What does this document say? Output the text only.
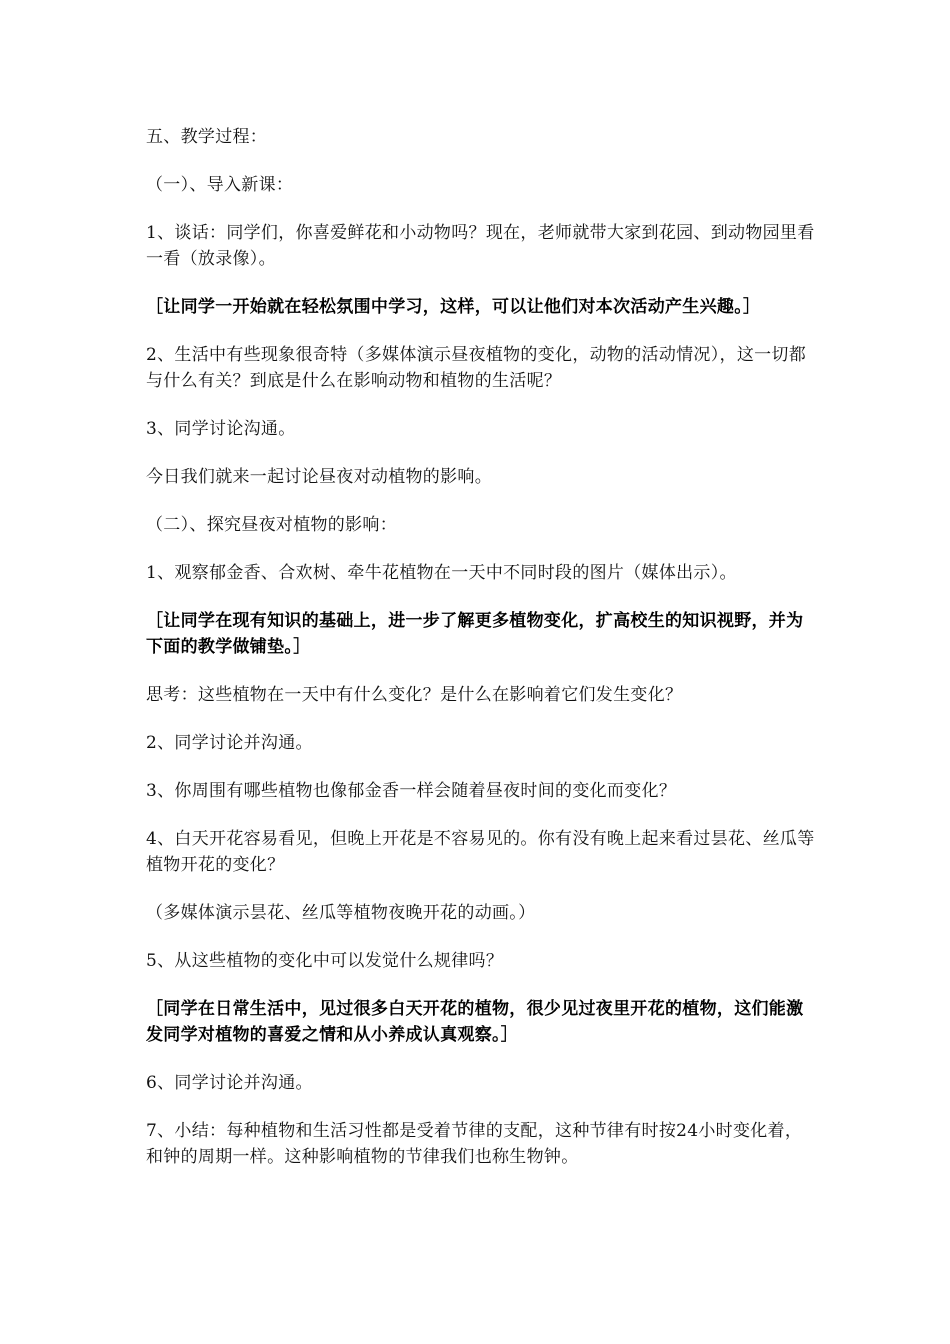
五、教学过程：

（一）、导入新课：

1、谈话：同学们，你喜爱鲜花和小动物吗？现在，老师就带大家到花园、到动物园里看一看（放录像）。

［让同学一开始就在轻松氛围中学习，这样，可以让他们对本次活动产生兴趣。］

2、生活中有些现象很奇特（多媒体演示昼夜植物的变化，动物的活动情况），这一切都与什么有关？到底是什么在影响动物和植物的生活呢？

3、同学讨论沟通。

今日我们就来一起讨论昼夜对动植物的影响。

（二）、探究昼夜对植物的影响：

1、观察郁金香、合欢树、牵牛花植物在一天中不同时段的图片（媒体出示）。

［让同学在现有知识的基础上，进一步了解更多植物变化，扩高校生的知识视野，并为下面的教学做铺垫。］

思考：这些植物在一天中有什么变化？是什么在影响着它们发生变化？

2、同学讨论并沟通。

3、你周围有哪些植物也像郁金香一样会随着昼夜时间的变化而变化？

4、白天开花容易看见，但晚上开花是不容易见的。你有没有晚上起来看过昙花、丝瓜等植物开花的变化？

（多媒体演示昙花、丝瓜等植物夜晚开花的动画。）

5、从这些植物的变化中可以发觉什么规律吗？

［同学在日常生活中，见过很多白天开花的植物，很少见过夜里开花的植物，这们能激发同学对植物的喜爱之情和从小养成认真观察。］

6、同学讨论并沟通。

7、小结：每种植物和生活习性都是受着节律的支配，这种节律有时按24小时变化着，和钟的周期一样。这种影响植物的节律我们也称生物钟。
